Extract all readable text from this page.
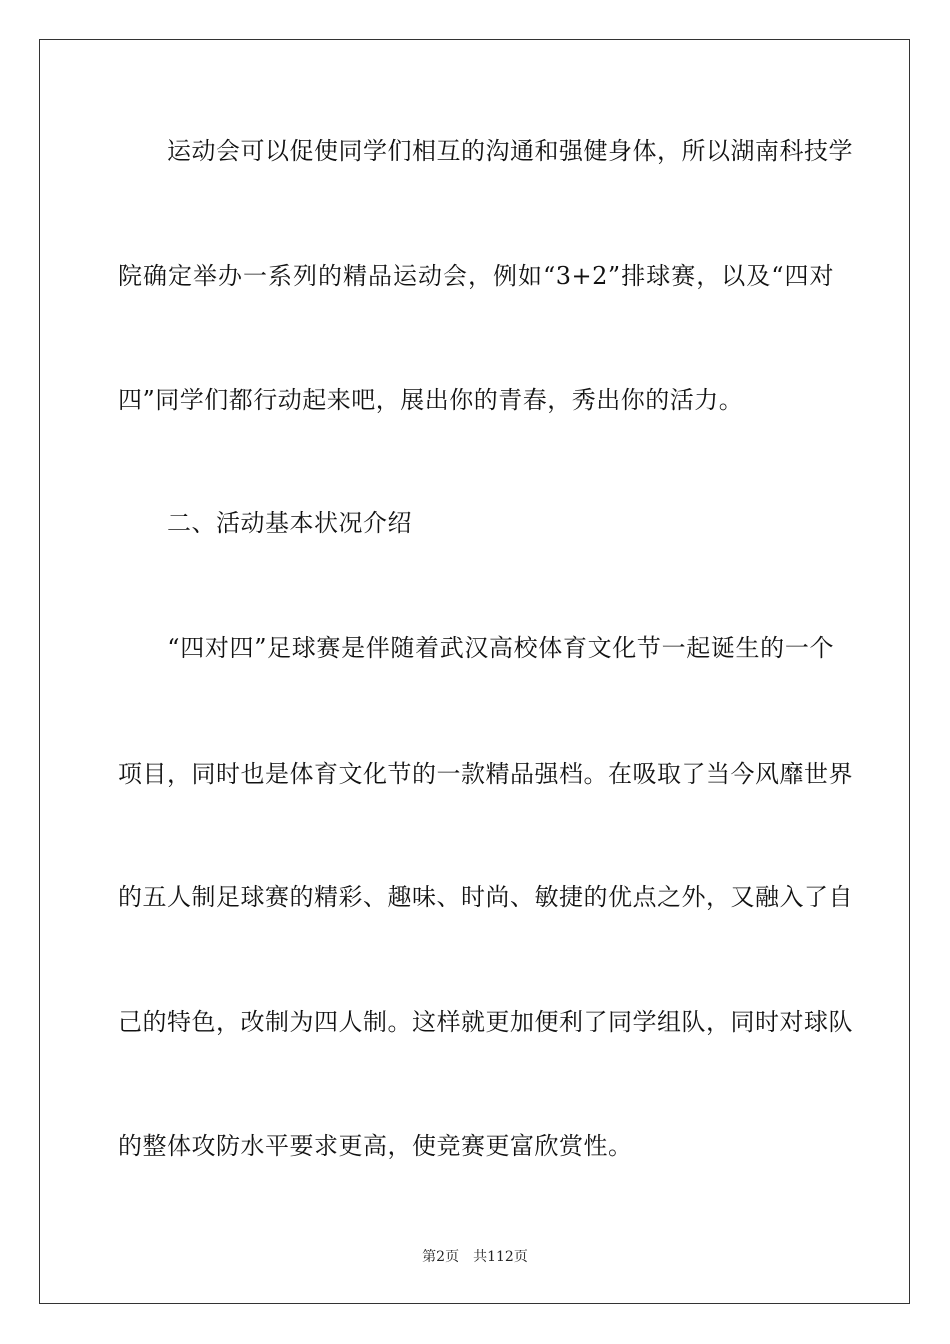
　　运动会可以促使同学们相互的沟通和强健身体，所以湖南科技学
院确定举办一系列的精品运动会，例如“3+2”排球赛，以及“四对
四”同学们都行动起来吧，展出你的青春，秀出你的活力。
　　二、活动基本状况介绍
　　“四对四”足球赛是伴随着武汉高校体育文化节一起诞生的一个
项目，同时也是体育文化节的一款精品强档。在吸取了当今风靡世界
的五人制足球赛的精彩、趣味、时尚、敏捷的优点之外，又融入了自
己的特色，改制为四人制。这样就更加便利了同学组队，同时对球队
的整体攻防水平要求更高，使竞赛更富欣赏性。
第2页 共112页
